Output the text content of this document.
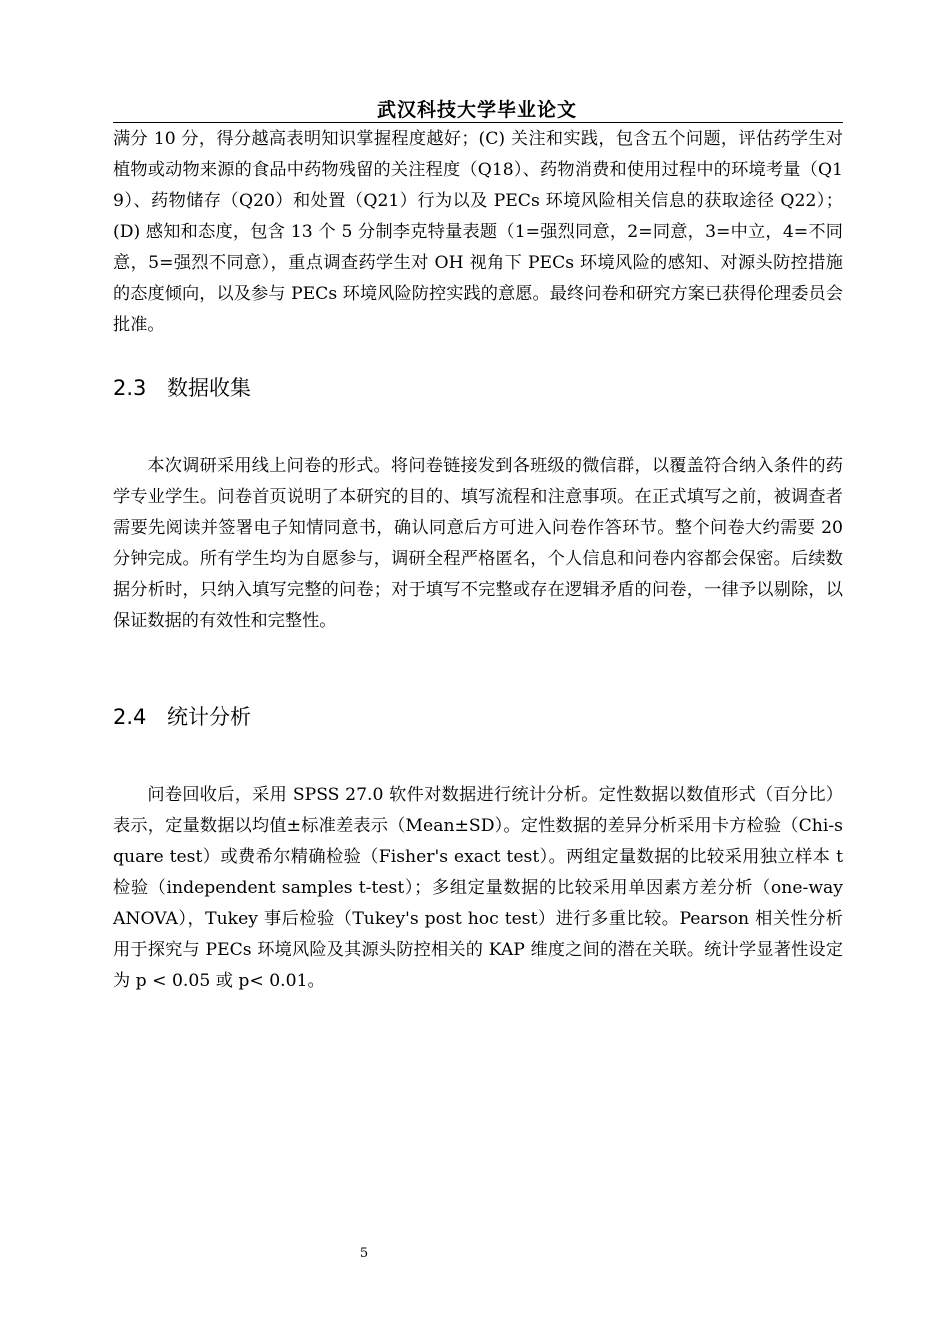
武汉科技大学毕业论文

满分 10 分，得分越高表明知识掌握程度越好；(C) 关注和实践，包含五个问题，评估药学生对植物或动物来源的食品中药物残留的关注程度（Q18）、药物消费和使用过程中的环境考量（Q19）、药物储存（Q20）和处置（Q21）行为以及 PECs 环境风险相关信息的获取途径 Q22）；(D) 感知和态度，包含 13 个 5 分制李克特量表题（1=强烈同意，2=同意，3=中立，4=不同意，5=强烈不同意），重点调查药学生对 OH 视角下 PECs 环境风险的感知、对源头防控措施的态度倾向，以及参与 PECs 环境风险防控实践的意愿。最终问卷和研究方案已获得伦理委员会批准。

2.3 数据收集

本次调研采用线上问卷的形式。将问卷链接发到各班级的微信群，以覆盖符合纳入条件的药学专业学生。问卷首页说明了本研究的目的、填写流程和注意事项。在正式填写之前，被调查者需要先阅读并签署电子知情同意书，确认同意后方可进入问卷作答环节。整个问卷大约需要 20 分钟完成。所有学生均为自愿参与，调研全程严格匿名，个人信息和问卷内容都会保密。后续数据分析时，只纳入填写完整的问卷；对于填写不完整或存在逻辑矛盾的问卷，一律予以剔除，以保证数据的有效性和完整性。

2.4 统计分析

问卷回收后，采用 SPSS 27.0 软件对数据进行统计分析。定性数据以数值形式（百分比）表示，定量数据以均值±标准差表示（Mean±SD）。定性数据的差异分析采用卡方检验（Chi-square test）或费希尔精确检验（Fisher's exact test）。两组定量数据的比较采用独立样本 t 检验（independent samples t-test）；多组定量数据的比较采用单因素方差分析（one-way ANOVA），Tukey 事后检验（Tukey's post hoc test）进行多重比较。Pearson 相关性分析用于探究与 PECs 环境风险及其源头防控相关的 KAP 维度之间的潜在关联。统计学显著性设定为 p < 0.05 或 p< 0.01。

5
